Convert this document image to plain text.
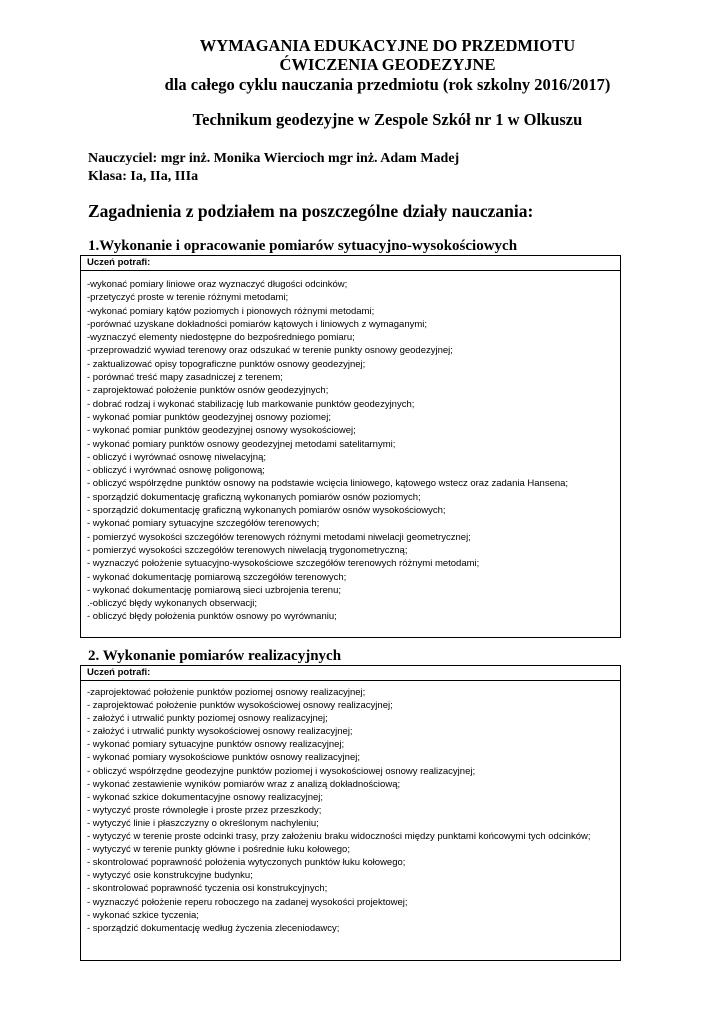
WYMAGANIA EDUKACYJNE DO PRZEDMIOTU
ĆWICZENIA GEODEZYJNE
dla całego cyklu nauczania przedmiotu (rok szkolny 2016/2017)
Technikum geodezyjne w Zespole Szkół nr 1 w Olkuszu

Nauczyciel: mgr inż. Monika Wiercioch mgr inż. Adam Madej

Klasa: Ia, IIa, IIIa

Zagadnienia z podziałem na poszczególne działy nauczania:
1.Wykonanie i opracowanie pomiarów sytuacyjno-wysokościowych
Uczeń potrafi:

-wykonać pomiary liniowe oraz wyznaczyć długości odcinków;

-przetyczyć proste w terenie różnymi metodami;

-wykonać pomiary kątów poziomych i pionowych różnymi metodami;

-porównać uzyskane dokładności pomiarów kątowych i liniowych z wymaganymi;

-wyznaczyć elementy niedostępne do bezpośredniego pomiaru;

-przeprowadzić wywiad terenowy oraz odszukać w terenie punkty osnowy geodezyjnej;

- zaktualizować opisy topograficzne punktów osnowy geodezyjnej;

- porównać treść mapy zasadniczej z terenem;

- zaprojektować położenie punktów osnów geodezyjnych;

- dobrać rodzaj i wykonać stabilizację lub markowanie punktów geodezyjnych;

- wykonać pomiar punktów geodezyjnej osnowy poziomej;

- wykonać pomiar punktów geodezyjnej osnowy wysokościowej;

- wykonać pomiary punktów osnowy geodezyjnej metodami satelitarnymi;

- obliczyć i wyrównać osnowę niwelacyjną;

- obliczyć i wyrównać osnowę poligonową;

- obliczyć współrzędne punktów osnowy na podstawie wcięcia liniowego, kątowego wstecz oraz zadania Hansena;

- sporządzić dokumentację graficzną wykonanych pomiarów osnów poziomych;

- sporządzić dokumentację graficzną wykonanych pomiarów osnów wysokościowych;

- wykonać pomiary sytuacyjne szczegółów terenowych;

- pomierzyć wysokości szczegółów terenowych różnymi metodami niwelacji geometrycznej;

- pomierzyć wysokości szczegółów terenowych niwelacją trygonometryczną;

- wyznaczyć położenie sytuacyjno-wysokościowe szczegółów terenowych różnymi metodami;

- wykonać dokumentację pomiarową szczegółów terenowych;

- wykonać dokumentację pomiarową sieci uzbrojenia terenu;

.-obliczyć błędy wykonanych obserwacji;

- obliczyć błędy położenia punktów osnowy po wyrównaniu;

2. Wykonanie pomiarów realizacyjnych
Uczeń potrafi:

-zaprojektować położenie punktów poziomej osnowy realizacyjnej;

- zaprojektować położenie punktów wysokościowej osnowy realizacyjnej;

- założyć i utrwalić punkty poziomej osnowy realizacyjnej;

- założyć i utrwalić punkty wysokościowej osnowy realizacyjnej;

- wykonać pomiary sytuacyjne punktów osnowy realizacyjnej;

- wykonać pomiary wysokościowe punktów osnowy realizacyjnej;

- obliczyć współrzędne geodezyjne punktów poziomej i wysokościowej osnowy realizacyjnej;

- wykonać zestawienie wyników pomiarów wraz z analizą dokładnościową;

- wykonać szkice dokumentacyjne osnowy realizacyjnej;

- wytyczyć proste równoległe i proste przez przeszkody;

- wytyczyć linie i płaszczyzny o określonym nachyleniu;

- wytyczyć w terenie proste odcinki trasy, przy założeniu braku widoczności między punktami końcowymi tych odcinków;

- wytyczyć w terenie punkty główne i pośrednie łuku kołowego;

- skontrolować poprawność położenia wytyczonych punktów łuku kołowego;

- wytyczyć osie konstrukcyjne budynku;

- skontrolować poprawność tyczenia osi konstrukcyjnych;

- wyznaczyć położenie reperu roboczego na zadanej wysokości projektowej;

- wykonać szkice tyczenia;

- sporządzić dokumentację według życzenia zleceniodawcy;
